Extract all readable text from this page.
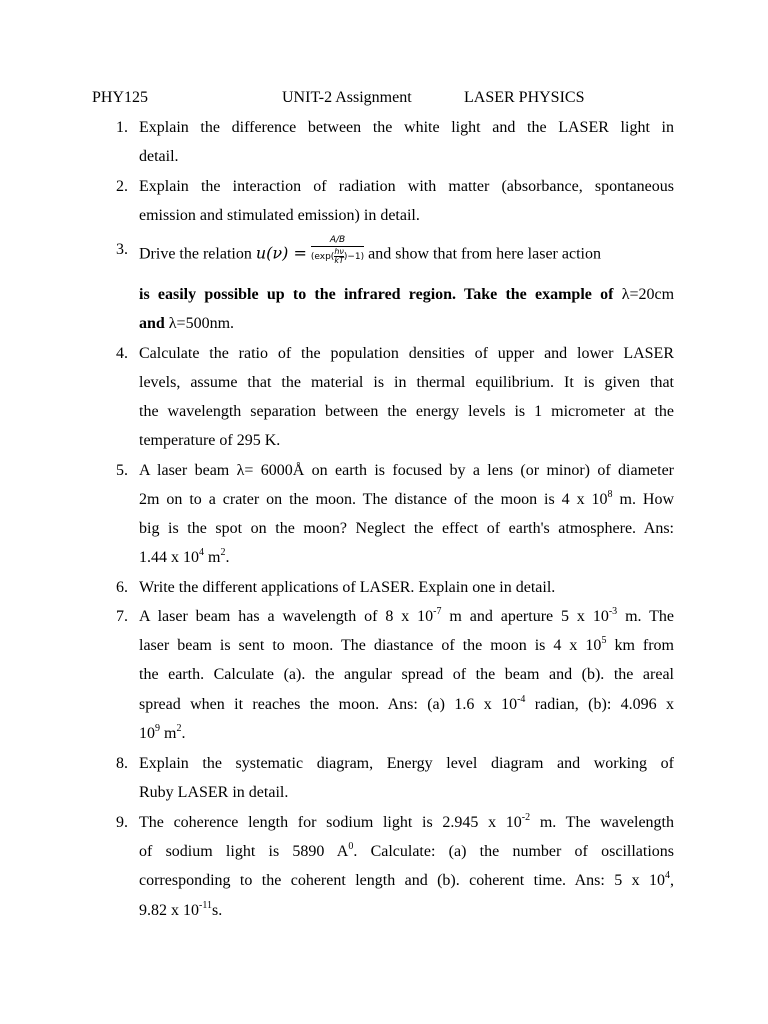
PHY125	UNIT-2 Assignment	LASER PHYSICS
1. Explain the difference between the white light and the LASER light in
detail.
2. Explain the interaction of radiation with matter (absorbance, spontaneous
emission and stimulated emission) in detail.
3. Drive the relation $u(\nu) = \frac{A/B}{(\exp( \frac{h\nu}{kT})-1)}$ and show that from here laser action
is easily possible up to the infrared region. Take the example of λ=20cm
and λ=500nm.
4. Calculate the ratio of the population densities of upper and lower LASER
levels, assume that the material is in thermal equilibrium. It is given that
the wavelength separation between the energy levels is 1 micrometer at the
temperature of 295 K.
5. A laser beam λ= 6000Å on earth is focused by a lens (or minor) of diameter
2m on to a crater on the moon. The distance of the moon is 4 x $10^8$ m. How
big is the spot on the moon? Neglect the effect of earth's atmosphere. Ans:
1.44 x $10^4$ $m^2$.
6. Write the different applications of LASER. Explain one in detail.
7. A laser beam has a wavelength of 8 x $10^{-7}$ m and aperture 5 x $10^{-3}$ m. The
laser beam is sent to moon. The diastance of the moon is 4 x $10^5$ km from
the earth. Calculate (a). the angular spread of the beam and (b). the areal
spread when it reaches the moon. Ans: (a) 1.6 x $10^{-4}$ radian, (b): 4.096 x
$10^9$ $m^2$.
8. Explain the systematic diagram, Energy level diagram and working of
Ruby LASER in detail.
9. The coherence length for sodium light is 2.945 x $10^{-2}$ m. The wavelength
of sodium light is 5890 $A^0$. Calculate: (a) the number of oscillations
corresponding to the coherent length and (b). coherent time. Ans: 5 x $10^4$,
9.82 x $10^{-11}s$.
